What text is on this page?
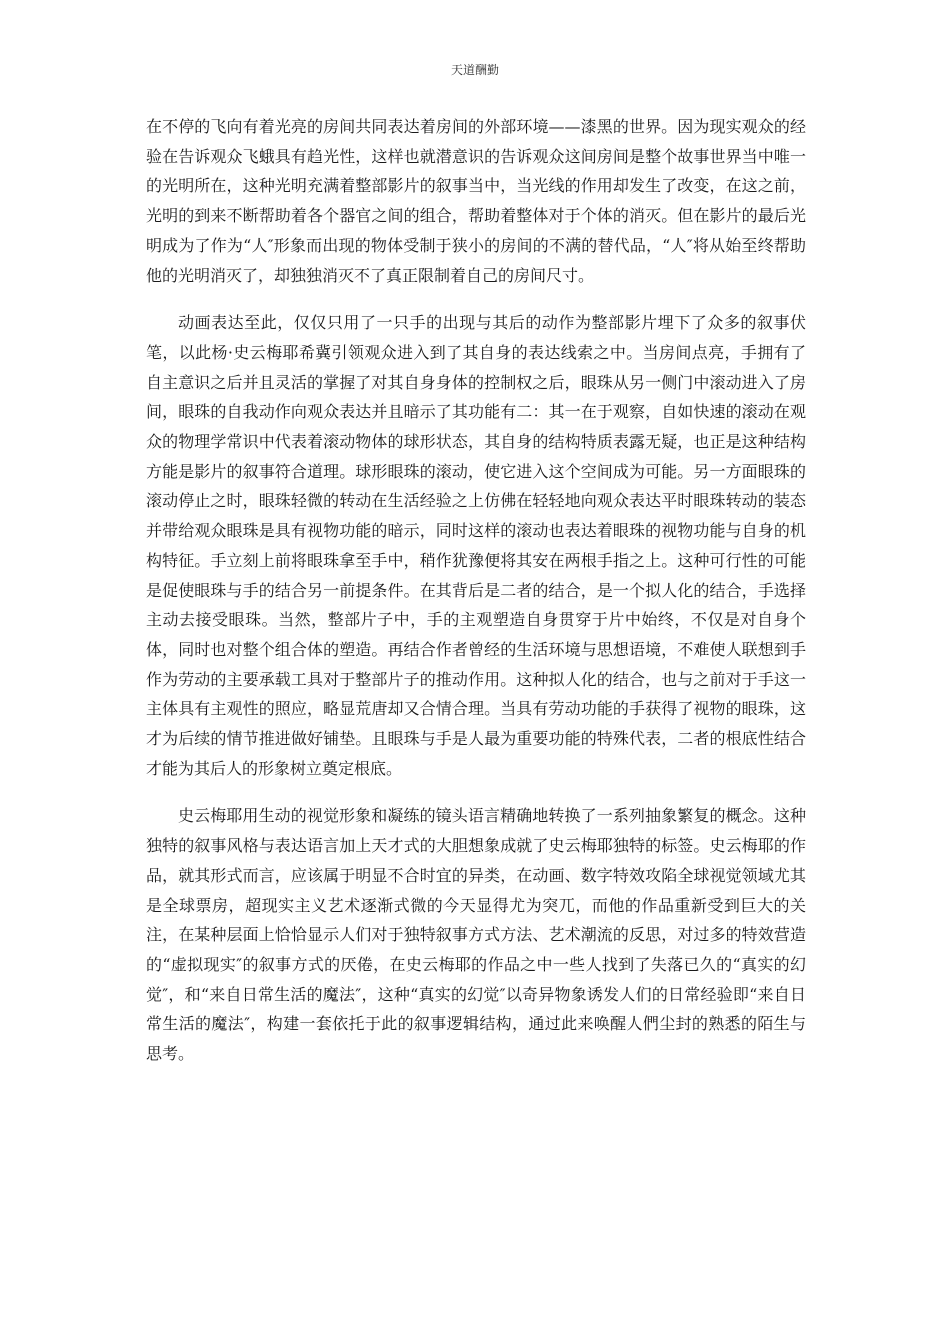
天道酬勤

在不停的飞向有着光亮的房间共同表达着房间的外部环境——漆黑的世界。因为现实观众的经验在告诉观众飞蛾具有趋光性，这样也就潜意识的告诉观众这间房间是整个故事世界当中唯一的光明所在，这种光明充满着整部影片的叙事当中，当光线的作用却发生了改变，在这之前，光明的到来不断帮助着各个器官之间的组合，帮助着整体对于个体的消灭。但在影片的最后光明成为了作为“人″形象而出现的物体受制于狭小的房间的不满的替代品，“人″将从始至终帮助他的光明消灭了，却独独消灭不了真正限制着自己的房间尺寸。

动画表达至此，仅仅只用了一只手的出现与其后的动作为整部影片埋下了众多的叙事伏笔，以此杨·史云梅耶希冀引领观众进入到了其自身的表达线索之中。当房间点亮，手拥有了自主意识之后并且灵活的掌握了对其自身身体的控制权之后，眼珠从另一侧门中滚动进入了房间，眼珠的自我动作向观众表达并且暗示了其功能有二：其一在于观察，自如快速的滚动在观众的物理学常识中代表着滚动物体的球形状态，其自身的结构特质表露无疑，也正是这种结构方能是影片的叙事符合道理。球形眼珠的滚动，使它进入这个空间成为可能。另一方面眼珠的滚动停止之时，眼珠轻微的转动在生活经验之上仿佛在轻轻地向观众表达平时眼珠转动的装态并带给观众眼珠是具有视物功能的暗示，同时这样的滚动也表达着眼珠的视物功能与自身的机构特征。手立刻上前将眼珠拿至手中，稍作犹豫便将其安在两根手指之上。这种可行性的可能是促使眼珠与手的结合另一前提条件。在其背后是二者的结合，是一个拟人化的结合，手选择主动去接受眼珠。当然，整部片子中，手的主观塑造自身贯穿于片中始终，不仅是对自身个体，同时也对整个组合体的塑造。再结合作者曾经的生活环境与思想语境，不难使人联想到手作为劳动的主要承载工具对于整部片子的推动作用。这种拟人化的结合，也与之前对于手这一主体具有主观性的照应，略显荒唐却又合情合理。当具有劳动功能的手获得了视物的眼珠，这才为后续的情节推进做好铺垫。且眼珠与手是人最为重要功能的特殊代表，二者的根底性结合才能为其后人的形象树立奠定根底。

史云梅耶用生动的视觉形象和凝练的镜头语言精确地转换了一系列抽象繁复的概念。这种独特的叙事风格与表达语言加上天才式的大胆想象成就了史云梅耶独特的标签。史云梅耶的作品，就其形式而言，应该属于明显不合时宜的异类，在动画、数字特效攻陷全球视觉领域尤其是全球票房，超现实主义艺术逐渐式微的今天显得尤为突兀，而他的作品重新受到巨大的关注，在某种层面上恰恰显示人们对于独特叙事方式方法、艺术潮流的反思，对过多的特效营造的“虚拟现实″的叙事方式的厌倦，在史云梅耶的作品之中一些人找到了失落已久的“真实的幻觉″，和“来自日常生活的魔法″，这种“真实的幻觉″以奇异物象诱发人们的日常经验即“来自日常生活的魔法″，构建一套依托于此的叙事逻辑结构，通过此来唤醒人們尘封的熟悉的陌生与思考。
